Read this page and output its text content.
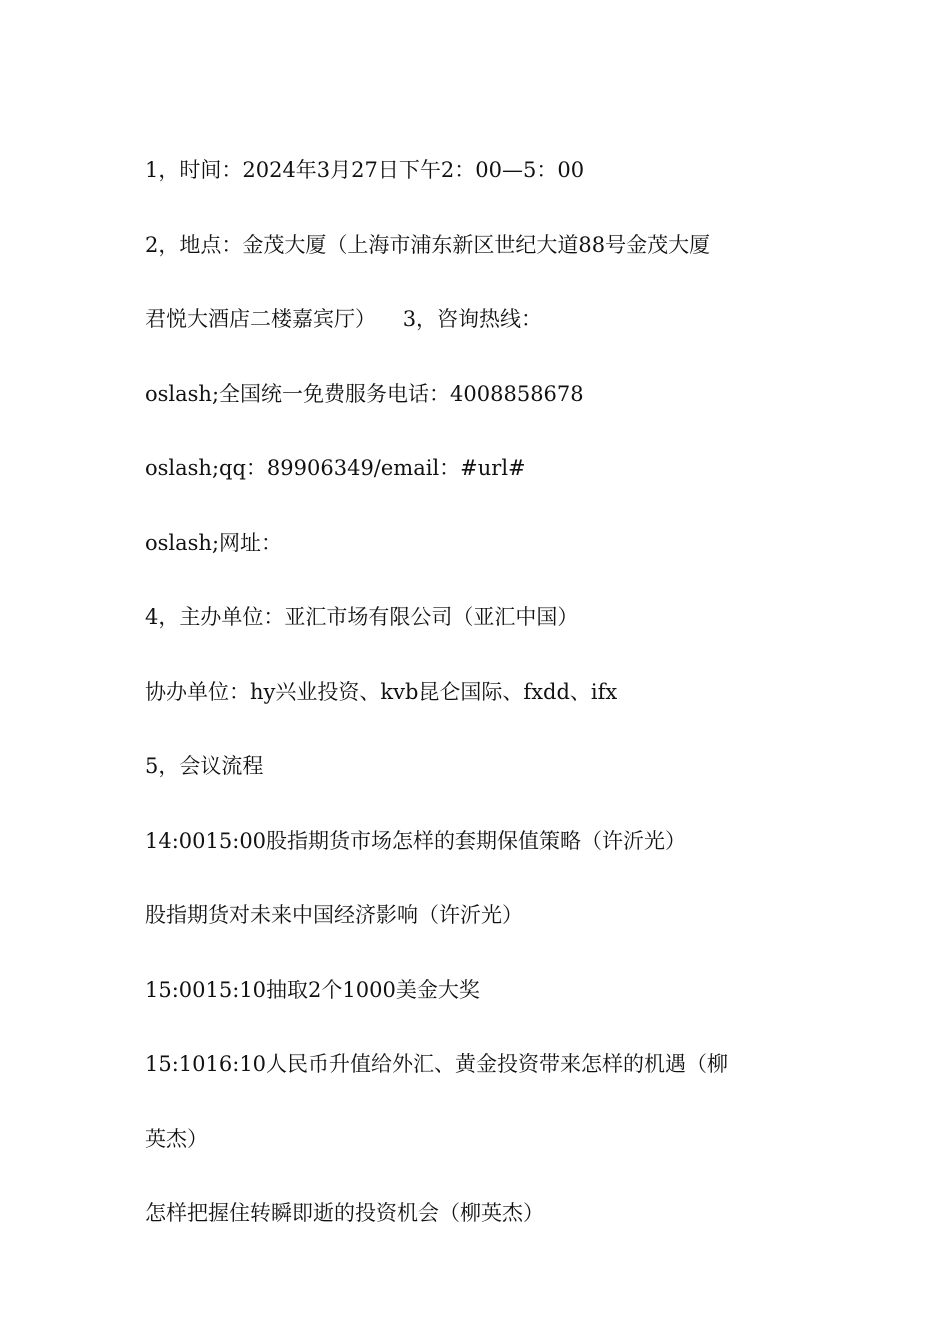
1，时间：2024年3月27日下午2：00—5：00

2，地点：金茂大厦（上海市浦东新区世纪大道88号金茂大厦

君悦大酒店二楼嘉宾厅）    3，咨询热线：

oslash;全国统一免费服务电话：4008858678

oslash;qq：89906349/email：#url#

oslash;网址：

4，主办单位：亚汇市场有限公司（亚汇中国）

协办单位：hy兴业投资、kvb昆仑国际、fxdd、ifx

5，会议流程

14:0015:00股指期货市场怎样的套期保值策略（许沂光）

股指期货对未来中国经济影响（许沂光）

15:0015:10抽取2个1000美金大奖

15:1016:10人民币升值给外汇、黄金投资带来怎样的机遇（柳

英杰）

怎样把握住转瞬即逝的投资机会（柳英杰）
